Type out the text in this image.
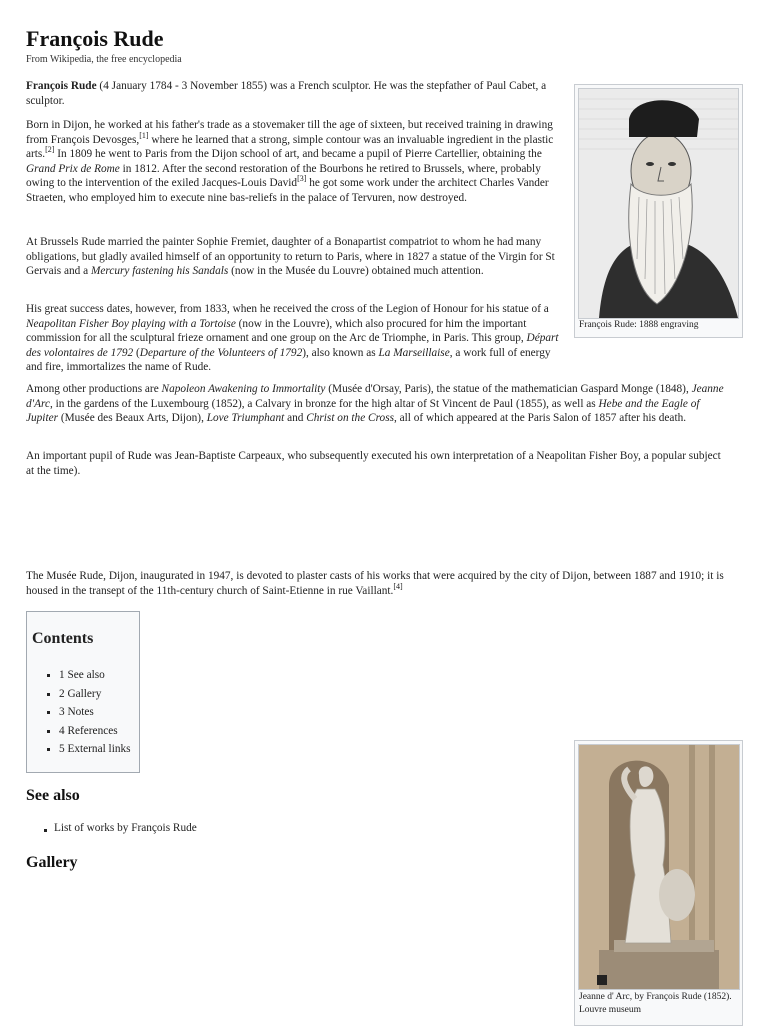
François Rude
From Wikipedia, the free encyclopedia

François Rude (4 January 1784 - 3 November 1855) was a French sculptor. He was the stepfather of Paul Cabet, a sculptor.

Born in Dijon, he worked at his father's trade as a stovemaker till the age of sixteen, but received training in drawing from François Devosges,[1] where he learned that a strong, simple contour was an invaluable ingredient in the plastic arts.[2] In 1809 he went to Paris from the Dijon school of art, and became a pupil of Pierre Cartellier, obtaining the Grand Prix de Rome in 1812. After the second restoration of the Bourbons he retired to Brussels, where, probably owing to the intervention of the exiled Jacques-Louis David[3] he got some work under the architect Charles Vander Straeten, who employed him to execute nine bas-reliefs in the palace of Tervuren, now destroyed.

At Brussels Rude married the painter Sophie Fremiet, daughter of a Bonapartist compatriot to whom he had many obligations, but gladly availed himself of an opportunity to return to Paris, where in 1827 a statue of the Virgin for St Gervais and a Mercury fastening his Sandals (now in the Musée du Louvre) obtained much attention.

His great success dates, however, from 1833, when he received the cross of the Legion of Honour for his statue of a Neapolitan Fisher Boy playing with a Tortoise (now in the Louvre), which also procured for him the important commission for all the sculptural frieze ornament and one group on the Arc de Triomphe, in Paris. This group, Départ des volontaires de 1792 (Departure of the Volunteers of 1792), also known as La Marseillaise, a work full of energy and fire, immortalizes the name of Rude.

Among other productions are Napoleon Awakening to Immortality (Musée d'Orsay, Paris), the statue of the mathematician Gaspard Monge (1848), Jeanne d'Arc, in the gardens of the Luxembourg (1852), a Calvary in bronze for the high altar of St Vincent de Paul (1855), as well as Hebe and the Eagle of Jupiter (Musée des Beaux Arts, Dijon), Love Triumphant and Christ on the Cross, all of which appeared at the Paris Salon of 1857 after his death.

An important pupil of Rude was Jean-Baptiste Carpeaux, who subsequently executed his own interpretation of a Neapolitan Fisher Boy, a popular subject at the time).

The Musée Rude, Dijon, inaugurated in 1947, is devoted to plaster casts of his works that were acquired by the city of Dijon, between 1887 and 1910; it is housed in the transept of the 11th-century church of Saint-Etienne in rue Vaillant.[4]

François Rude: 1888 engraving
Contents
1 See also
2 Gallery
3 Notes
4 References
5 External links
See also
List of works by François Rude
Gallery
Jeanne d' Arc, by François Rude (1852). Louvre museum
